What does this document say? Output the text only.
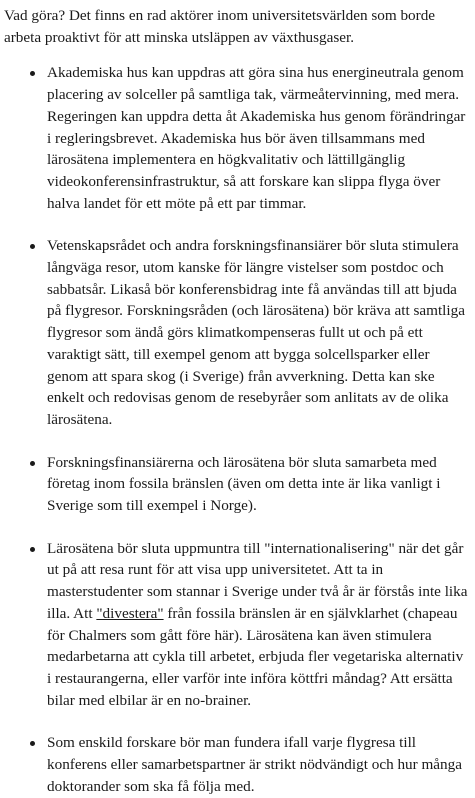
Vad göra? Det finns en rad aktörer inom universitetsvärlden som borde arbeta proaktivt för att minska utsläppen av växthusgaser.

Akademiska hus kan uppdras att göra sina hus energineutrala genom placering av solceller på samtliga tak, värmeåtervinning, med mera. Regeringen kan uppdra detta åt Akademiska hus genom förändringar i regleringsbrevet. Akademiska hus bör även tillsammans med lärosätena implementera en högkvalitativ och lättillgänglig videokonferensinfrastruktur, så att forskare kan slippa flyga över halva landet för ett möte på ett par timmar.
Vetenskapsrådet och andra forskningsfinansiärer bör sluta stimulera långväga resor, utom kanske för längre vistelser som postdoc och sabbatsår. Likaså bör konferensbidrag inte få användas till att bjuda på flygresor. Forskningsråden (och lärosätena) bör kräva att samtliga flygresor som ändå görs klimatkompenseras fullt ut och på ett varaktigt sätt, till exempel genom att bygga solcellsparker eller genom att spara skog (i Sverige) från avverkning. Detta kan ske enkelt och redovisas genom de resebyråer som anlitats av de olika lärosätena.
Forskningsfinansiärerna och lärosätena bör sluta samarbeta med företag inom fossila bränslen (även om detta inte är lika vanligt i Sverige som till exempel i Norge).
Lärosätena bör sluta uppmuntra till "internationalisering" när det går ut på att resa runt för att visa upp universitetet. Att ta in masterstudenter som stannar i Sverige under två år är förstås inte lika illa. Att "divestera" från fossila bränslen är en självklarhet (chapeau för Chalmers som gått före här). Lärosätena kan även stimulera medarbetarna att cykla till arbetet, erbjuda fler vegetariska alternativ i restaurangerna, eller varför inte införa köttfri måndag? Att ersätta bilar med elbilar är en no-brainer.
Som enskild forskare bör man fundera ifall varje flygresa till konferens eller samarbetspartner är strikt nödvändigt och hur många doktorander som ska få följa med.
